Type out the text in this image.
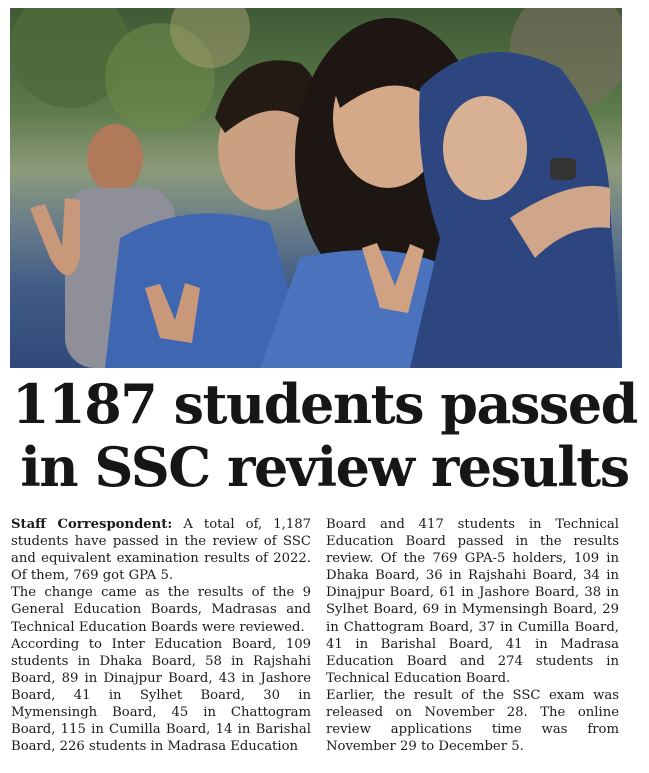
1187 students passed
in SSC review results

Staff Correspondent: A total of, 1,187 students have passed in the review of SSC and equivalent examination results of 2022. Of them, 769 got GPA 5.

The change came as the results of the 9 General Education Boards, Madrasas and Technical Education Boards were reviewed.

According to Inter Education Board, 109 students in Dhaka Board, 58 in Rajshahi Board, 89 in Dinajpur Board, 43 in Jashore Board, 41 in Sylhet Board, 30 in Mymensingh Board, 45 in Chattogram Board, 115 in Cumilla Board, 14 in Barishal Board, 226 students in Madrasa Education

Board and 417 students in Technical Education Board passed in the results review. Of the 769 GPA-5 holders, 109 in Dhaka Board, 36 in Rajshahi Board, 34 in Dinajpur Board, 61 in Jashore Board, 38 in Sylhet Board, 69 in Mymensingh Board, 29 in Chattogram Board, 37 in Cumilla Board, 41 in Barishal Board, 41 in Madrasa Education Board and 274 students in Technical Education Board.

Earlier, the result of the SSC exam was released on November 28. The online review applications time was from November 29 to December 5.
